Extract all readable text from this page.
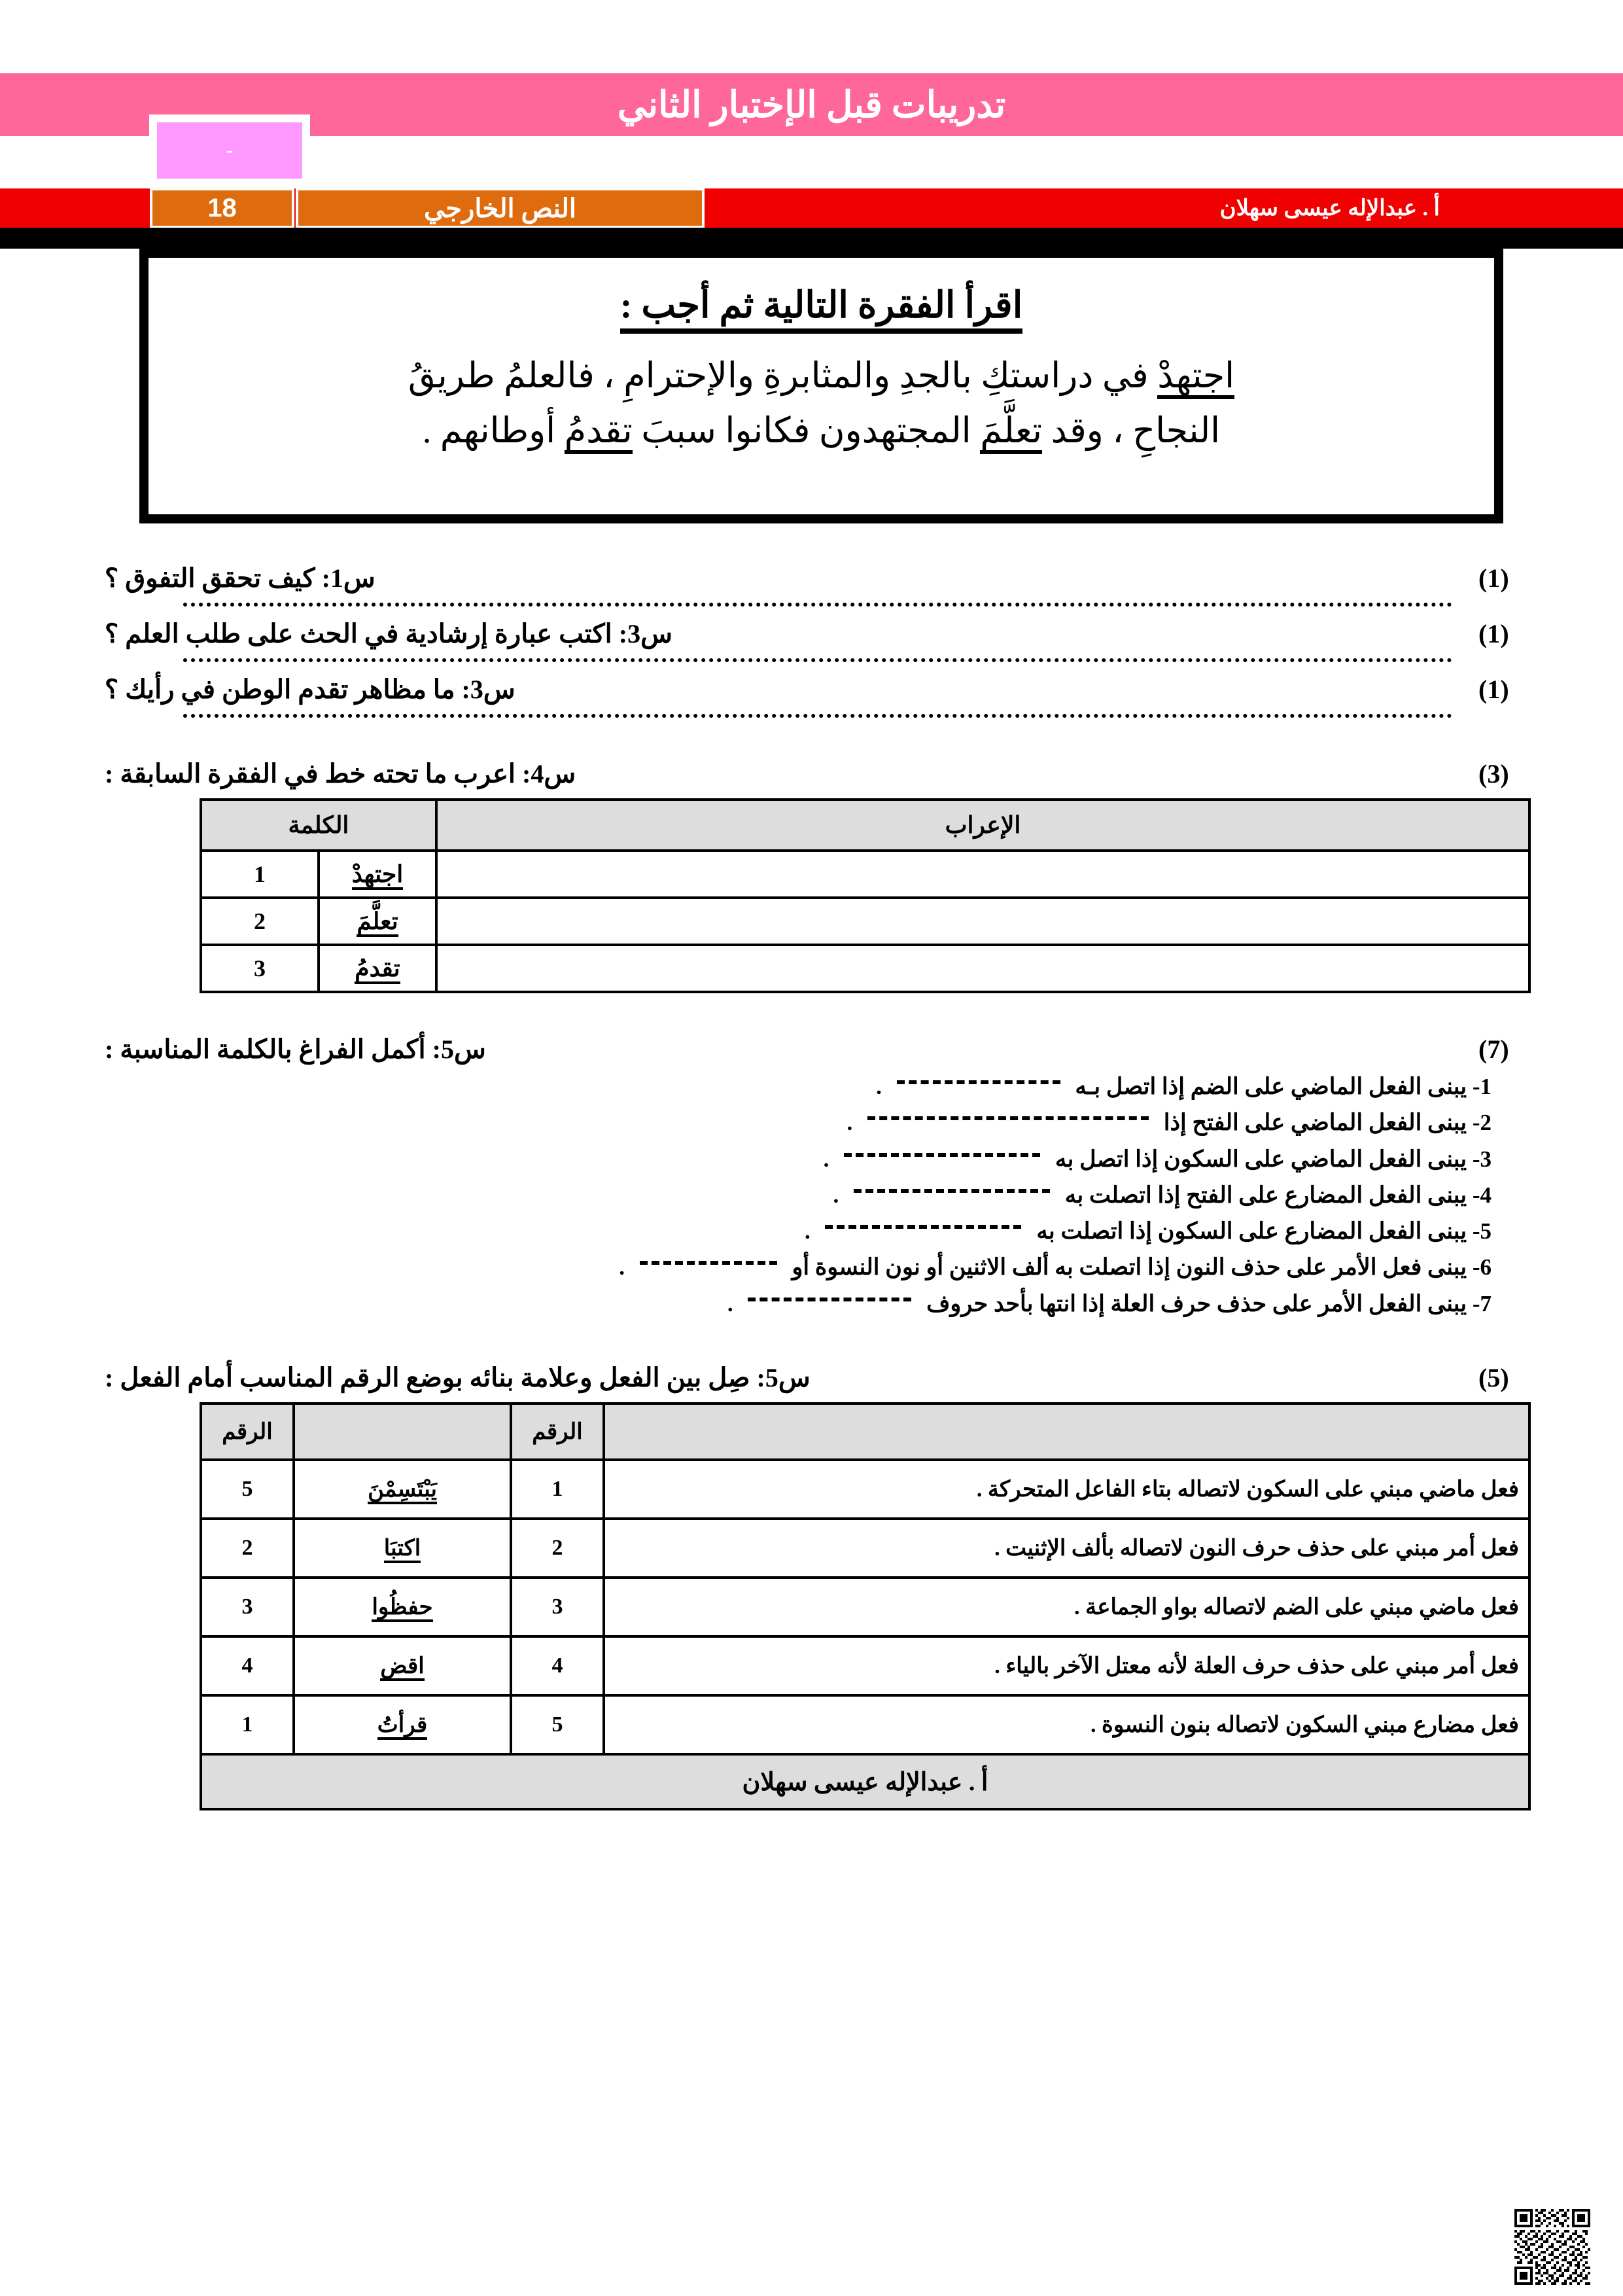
تدريبات قبل الإختبار الثاني
-
أ . عبدالإله عيسى سهلان
18	النص الخارجي
اقرأ الفقرة التالية ثم أجب :
اجتهدْ في دراستكِ بالجدِ والمثابرةِ والإحترامِ ، فالعلمُ طريقُ
النجاحِ ، وقد تعلَّمَ المجتهدون فكانوا سببَ تقدمُ أوطانهم .
س1: كيف تحقق التفوق ؟	(1)
س3: اكتب عبارة إرشادية في الحث على طلب العلم ؟	(1)
س3: ما مظاهر تقدم الوطن في رأيك ؟	(1)
س4: اعرب ما تحته خط في الفقرة السابقة :	(3)
الإعراب	الكلمة	
	اجتهدْ	1
	تعلَّمَ	2
	تقدمُ	3
س5: أكمل الفراغ بالكلمة المناسبة :	(7)
1- يبنى الفعل الماضي على الضم إذا اتصل بـه  .
2- يبنى الفعل الماضي على الفتح إذا  .
3- يبنى الفعل الماضي على السكون إذا اتصل به  .
4- يبنى الفعل المضارع على الفتح إذا اتصلت به  .
5- يبنى الفعل المضارع على السكون إذا اتصلت به  .
6- يبنى فعل الأمر على حذف النون إذا اتصلت به ألف الاثنين أو نون النسوة أو  .
7- يبنى الفعل الأمر على حذف حرف العلة إذا انتها بأحد حروف  .
س5: صِل بين الفعل وعلامة بنائه بوضع الرقم المناسب أمام الفعل :	(5)
	الرقم		الرقم
فعل ماضي مبني على السكون لاتصاله بتاء الفاعل المتحركة .	1	يَبْتَسِمْنَ	5
فعل أمر مبني على حذف حرف النون لاتصاله بألف الإثنيت .	2	اكتبَا	2
فعل ماضي مبني على الضم لاتصاله بواو الجماعة .	3	حفظُوا	3
فعل أمر مبني على حذف حرف العلة لأنه معتل الآخر بالياء .	4	اقض	4
فعل مضارع مبني السكون لاتصاله بنون النسوة .	5	قرأتُ	1
أ . عبدالإله عيسى سهلان			
